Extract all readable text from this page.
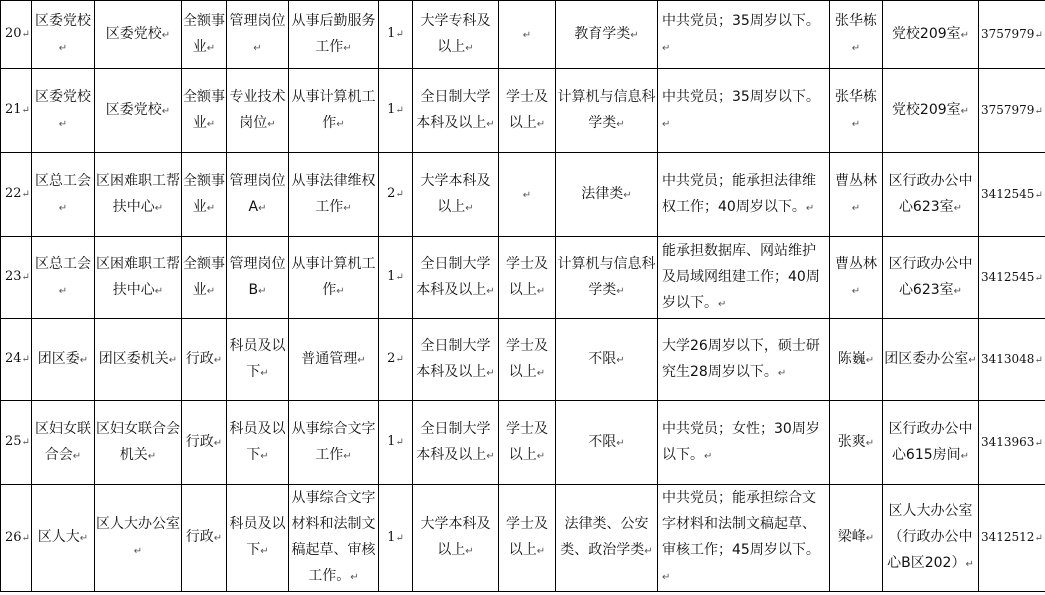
20↵	区委党校↵	区委党校↵	全额事业↵	管理岗位↵	从事后勤服务工作↵	1↵	大学专科及以上↵	↵	教育学类↵	中共党员；35周岁以下。↵	张华栋↵	党校209室↵	3757979↵
21↵	区委党校↵	区委党校↵	全额事业↵	专业技术岗位↵	从事计算机工作↵	1↵	全日制大学本科及以上↵	学士及以上↵	计算机与信息科学类↵	中共党员；35周岁以下。↵	张华栋↵	党校209室↵	3757979↵
22↵	区总工会↵	区困难职工帮扶中心↵	全额事业↵	管理岗位A↵	从事法律维权工作↵	2↵	大学本科及以上↵	↵	法律类↵	中共党员；能承担法律维权工作；40周岁以下。↵	曹丛林↵	区行政办公中心623室↵	3412545↵
23↵	区总工会↵	区困难职工帮扶中心↵	全额事业↵	管理岗位B↵	从事计算机工作↵	1↵	全日制大学本科及以上↵	学士及以上↵	计算机与信息科学类↵	能承担数据库、网站维护及局域网组建工作；40周岁以下。↵	曹丛林↵	区行政办公中心623室↵	3412545↵
24↵	团区委↵	团区委机关↵	行政↵	科员及以下↵	普通管理↵	2↵	全日制大学本科及以上↵	学士及以上↵	不限↵	大学26周岁以下，硕士研究生28周岁以下。↵	陈巍↵	团区委办公室↵	3413048↵
25↵	区妇女联合会↵	区妇女联合会机关↵	行政↵	科员及以下↵	从事综合文字工作↵	1↵	全日制大学本科及以上↵	学士及以上↵	不限↵	中共党员；女性；30周岁以下。↵	张爽↵	区行政办公中心615房间↵	3413963↵
26↵	区人大↵	区人大办公室↵	行政↵	科员及以下↵	从事综合文字材料和法制文稿起草、审核工作。↵	1↵	大学本科及以上↵	学士及以上↵	法律类、公安类、政治学类↵	中共党员；能承担综合文字材料和法制文稿起草、审核工作；45周岁以下。↵	梁峰↵	区人大办公室（行政办公中心B区202）↵	3412512↵
